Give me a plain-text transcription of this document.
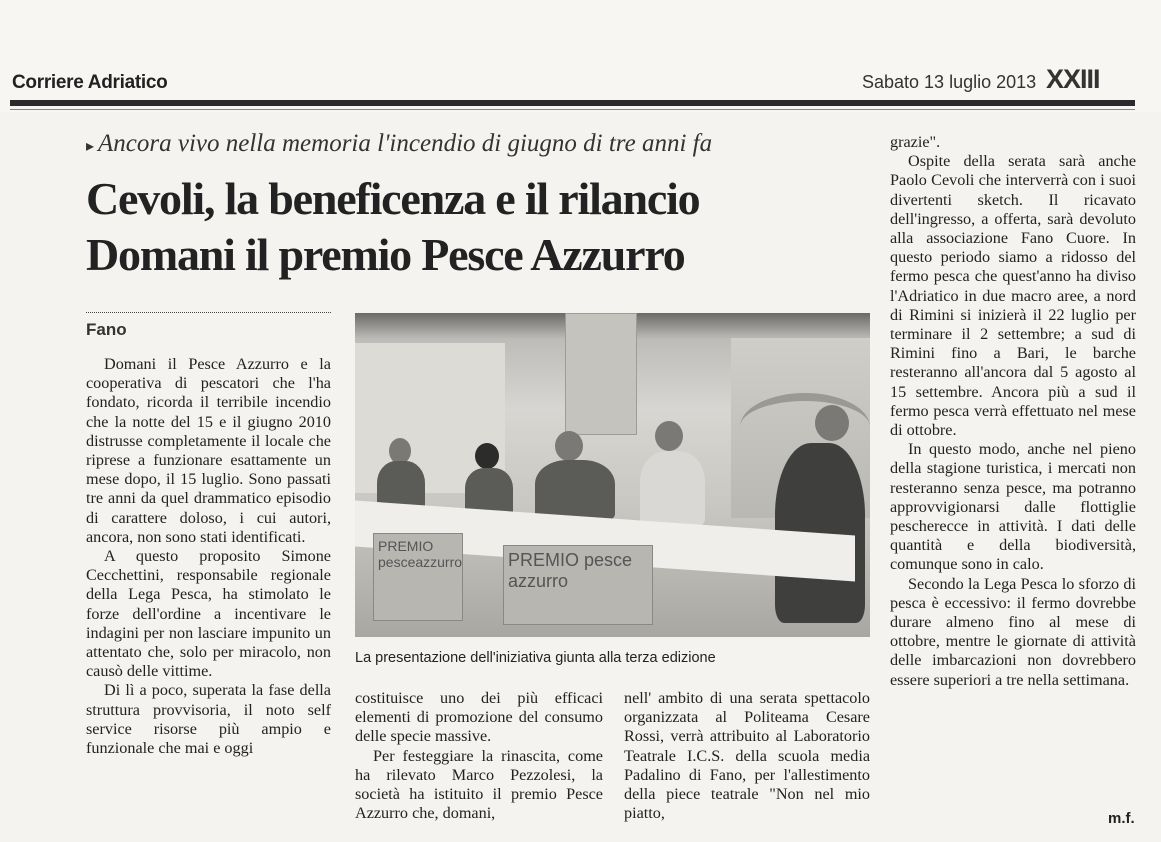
Corriere Adriatico	Sabato 13 luglio 2013 XXIII
▸ Ancora vivo nella memoria l'incendio di giugno di tre anni fa
Cevoli, la beneficenza e il rilancio
Domani il premio Pesce Azzurro
Fano

Domani il Pesce Azzurro e la cooperativa di pescatori che l'ha fondato, ricorda il terribile incendio che la notte del 15 e il giugno 2010 distrusse completamente il locale che riprese a funzionare esattamente un mese dopo, il 15 luglio. Sono passati tre anni da quel drammatico episodio di carattere doloso, i cui autori, ancora, non sono stati identificati.

A questo proposito Simone Cecchettini, responsabile regionale della Lega Pesca, ha stimolato le forze dell'ordine a incentivare le indagini per non lasciare impunito un attentato che, solo per miracolo, non causò delle vittime.

Di lì a poco, superata la fase della struttura provvisoria, il noto self service risorse più ampio e funzionale che mai e oggi

PREMIO pesceazzurro	PREMIO pesce azzurro
La presentazione dell'iniziativa giunta alla terza edizione

costituisce uno dei più efficaci elementi di promozione del consumo delle specie massive.

Per festeggiare la rinascita, come ha rilevato Marco Pezzolesi, la società ha istituito il premio Pesce Azzurro che, domani,

nell' ambito di una serata spettacolo organizzata al Politeama Cesare Rossi, verrà attribuito al Laboratorio Teatrale I.C.S. della scuola media Padalino di Fano, per l'allestimento della piece teatrale "Non nel mio piatto,

grazie".

Ospite della serata sarà anche Paolo Cevoli che interverrà con i suoi divertenti sketch. Il ricavato dell'ingresso, a offerta, sarà devoluto alla associazione Fano Cuore. In questo periodo siamo a ridosso del fermo pesca che quest'anno ha diviso l'Adriatico in due macro aree, a nord di Rimini si inizierà il 22 luglio per terminare il 2 settembre; a sud di Rimini fino a Bari, le barche resteranno all'ancora dal 5 agosto al 15 settembre. Ancora più a sud il fermo pesca verrà effettuato nel mese di ottobre.

In questo modo, anche nel pieno della stagione turistica, i mercati non resteranno senza pesce, ma potranno approvvigionarsi dalle flottiglie pescherecce in attività. I dati delle quantità e della biodiversità, comunque sono in calo.

Secondo la Lega Pesca lo sforzo di pesca è eccessivo: il fermo dovrebbe durare almeno fino al mese di ottobre, mentre le giornate di attività delle imbarcazioni non dovrebbero essere superiori a tre nella settimana.

m.f.
